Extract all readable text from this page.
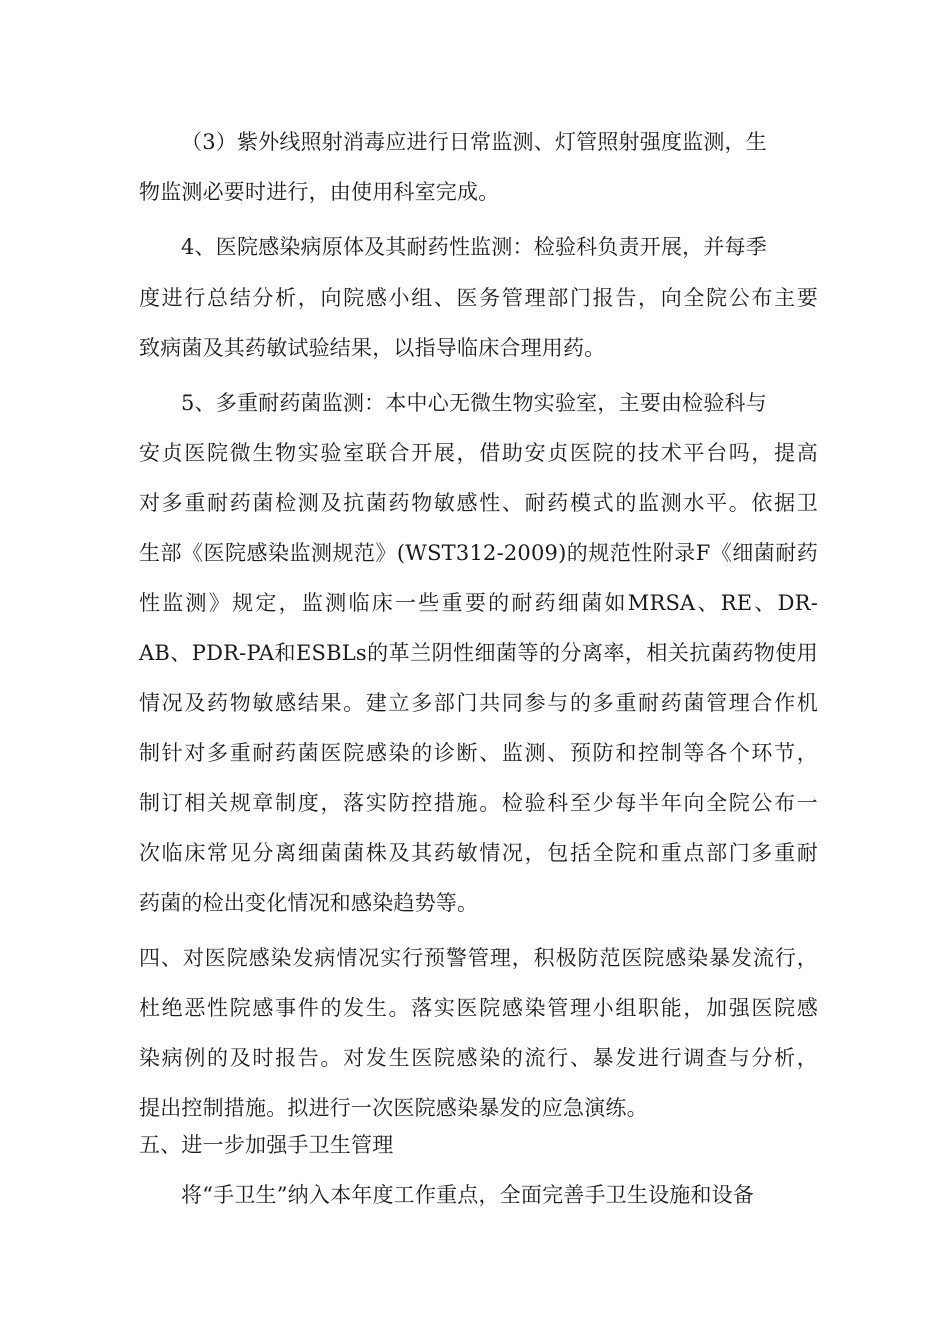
（3）紫外线照射消毒应进行日常监测、灯管照射强度监测，生
物监测必要时进行，由使用科室完成。
4、医院感染病原体及其耐药性监测：检验科负责开展，并每季
度进行总结分析，向院感小组、医务管理部门报告，向全院公布主要
致病菌及其药敏试验结果，以指导临床合理用药。
5、多重耐药菌监测：本中心无微生物实验室，主要由检验科与
安贞医院微生物实验室联合开展，借助安贞医院的技术平台吗，提高
对多重耐药菌检测及抗菌药物敏感性、耐药模式的监测水平。依据卫
生部《医院感染监测规范》(WST312-2009)的规范性附录F《细菌耐药
性监测》规定，监测临床一些重要的耐药细菌如MRSA、RE、DR-
AB、PDR-PA和ESBLs的革兰阴性细菌等的分离率，相关抗菌药物使用
情况及药物敏感结果。建立多部门共同参与的多重耐药菌管理合作机
制针对多重耐药菌医院感染的诊断、监测、预防和控制等各个环节，
制订相关规章制度，落实防控措施。检验科至少每半年向全院公布一
次临床常见分离细菌菌株及其药敏情况，包括全院和重点部门多重耐
药菌的检出变化情况和感染趋势等。
四、对医院感染发病情况实行预警管理，积极防范医院感染暴发流行，
杜绝恶性院感事件的发生。落实医院感染管理小组职能，加强医院感
染病例的及时报告。对发生医院感染的流行、暴发进行调查与分析，
提出控制措施。拟进行一次医院感染暴发的应急演练。
五、进一步加强手卫生管理
将“手卫生”纳入本年度工作重点，全面完善手卫生设施和设备
